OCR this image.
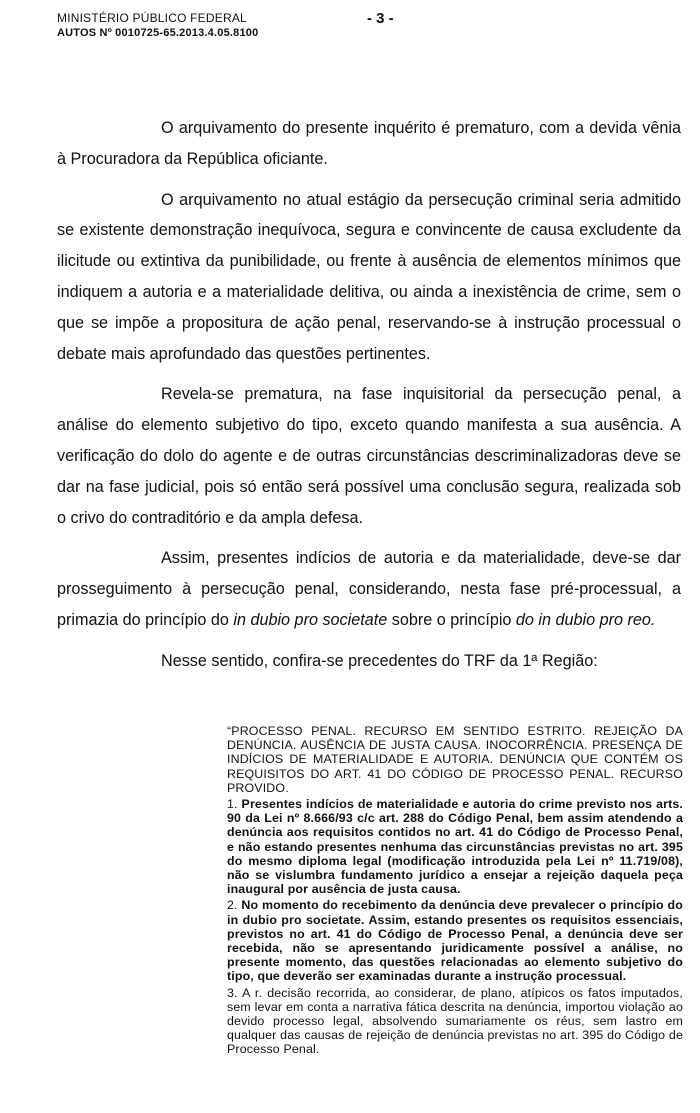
MINISTÉRIO PÚBLICO FEDERAL
AUTOS Nº 0010725-65.2013.4.05.8100
- 3 -

O arquivamento do presente inquérito é prematuro, com a devida vênia à Procuradora da República oficiante.

O arquivamento no atual estágio da persecução criminal seria admitido se existente demonstração inequívoca, segura e convincente de causa excludente da ilicitude ou extintiva da punibilidade, ou frente à ausência de elementos mínimos que indiquem a autoria e a materialidade delitiva, ou ainda a inexistência de crime, sem o que se impõe a propositura de ação penal, reservando-se à instrução processual o debate mais aprofundado das questões pertinentes.

Revela-se prematura, na fase inquisitorial da persecução penal, a análise do elemento subjetivo do tipo, exceto quando manifesta a sua ausência. A verificação do dolo do agente e de outras circunstâncias descriminalizadoras deve se dar na fase judicial, pois só então será possível uma conclusão segura, realizada sob o crivo do contraditório e da ampla defesa.

Assim, presentes indícios de autoria e da materialidade, deve-se dar prosseguimento à persecução penal, considerando, nesta fase pré-processual, a primazia do princípio do in dubio pro societate sobre o princípio do in dubio pro reo.

Nesse sentido, confira-se precedentes do TRF da 1ª Região:

“PROCESSO PENAL. RECURSO EM SENTIDO ESTRITO. REJEIÇÃO DA DENÚNCIA. AUSÊNCIA DE JUSTA CAUSA. INOCORRÊNCIA. PRESENÇA DE INDÍCIOS DE MATERIALIDADE E AUTORIA. DENÚNCIA QUE CONTÉM OS REQUISITOS DO ART. 41 DO CÓDIGO DE PROCESSO PENAL. RECURSO PROVIDO.

1. Presentes indícios de materialidade e autoria do crime previsto nos arts. 90 da Lei nº 8.666/93 c/c art. 288 do Código Penal, bem assim atendendo a denúncia aos requisitos contidos no art. 41 do Código de Processo Penal, e não estando presentes nenhuma das circunstâncias previstas no art. 395 do mesmo diploma legal (modificação introduzida pela Lei nº 11.719/08), não se vislumbra fundamento jurídico a ensejar a rejeição daquela peça inaugural por ausência de justa causa.

2. No momento do recebimento da denúncia deve prevalecer o princípio do in dubio pro societate. Assim, estando presentes os requisitos essenciais, previstos no art. 41 do Código de Processo Penal, a denúncia deve ser recebida, não se apresentando juridicamente possível a análise, no presente momento, das questões relacionadas ao elemento subjetivo do tipo, que deverão ser examinadas durante a instrução processual.

3. A r. decisão recorrida, ao considerar, de plano, atípicos os fatos imputados, sem levar em conta a narrativa fática descrita na denúncia, importou violação ao devido processo legal, absolvendo sumariamente os réus, sem lastro em qualquer das causas de rejeição de denúncia previstas no art. 395 do Código de Processo Penal.
